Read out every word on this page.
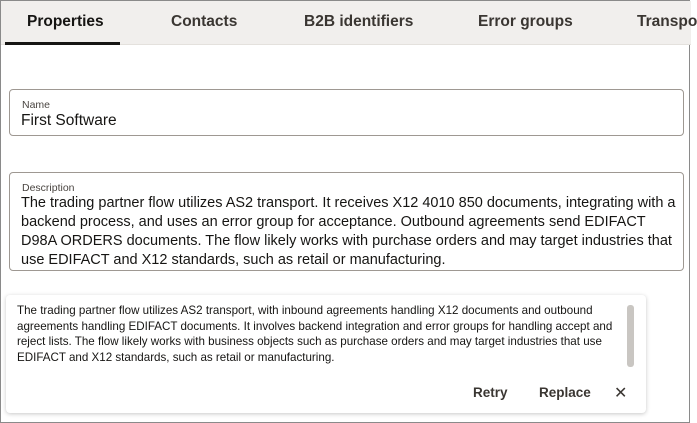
Properties	Contacts	B2B identifiers	Error groups	Transpo
Name
First Software
Description
The trading partner flow utilizes AS2 transport. It receives X12 4010 850 documents, integrating with a backend process, and uses an error group for acceptance. Outbound agreements send EDIFACT D98A ORDERS documents. The flow likely works with purchase orders and may target industries that use EDIFACT and X12 standards, such as retail or manufacturing.
The trading partner flow utilizes AS2 transport, with inbound agreements handling X12 documents and outbound agreements handling EDIFACT documents. It involves backend integration and error groups for handling accept and reject lists. The flow likely works with business objects such as purchase orders and may target industries that use EDIFACT and X12 standards, such as retail or manufacturing.
Retry Replace ✕
